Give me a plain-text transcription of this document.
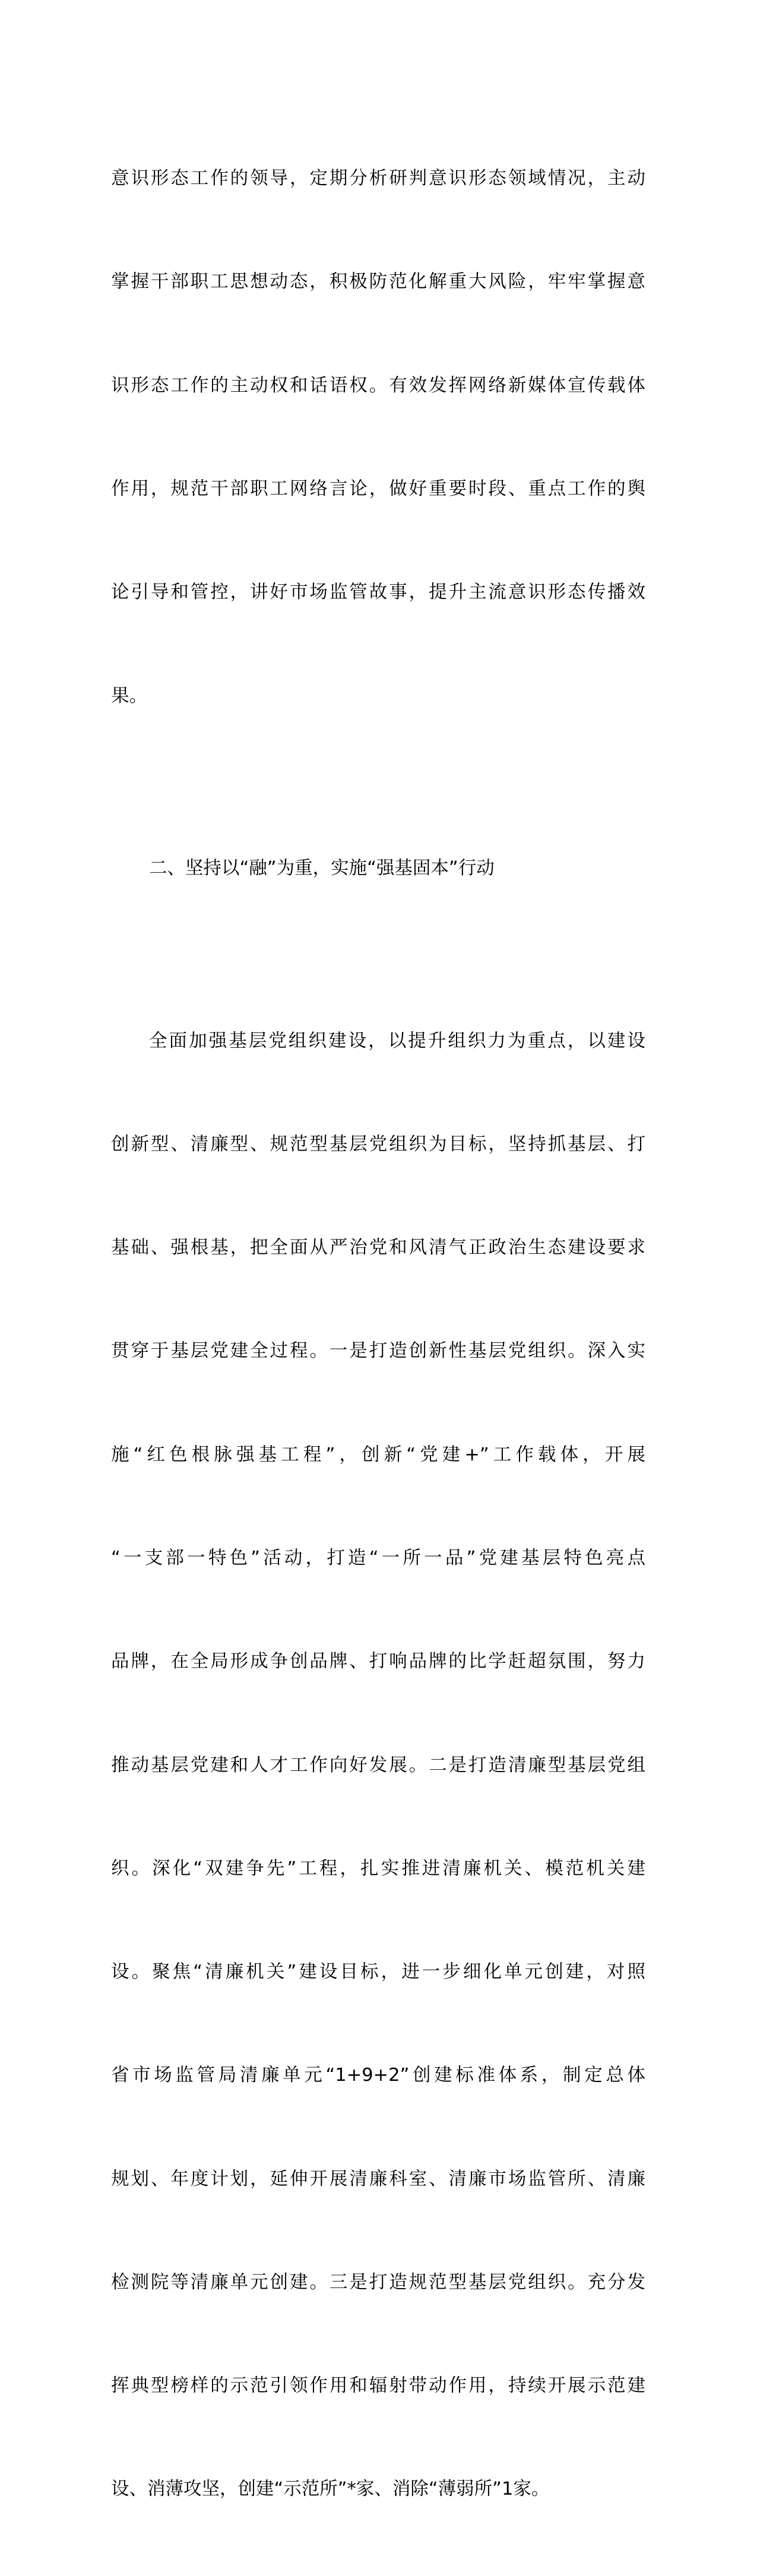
意识形态工作的领导，定期分析研判意识形态领域情况，主动

掌握干部职工思想动态，积极防范化解重大风险，牢牢掌握意

识形态工作的主动权和话语权。有效发挥网络新媒体宣传载体

作用，规范干部职工网络言论，做好重要时段、重点工作的舆

论引导和管控，讲好市场监管故事，提升主流意识形态传播效

果。

二、坚持以“融”为重，实施“强基固本”行动

全面加强基层党组织建设，以提升组织力为重点，以建设

创新型、清廉型、规范型基层党组织为目标，坚持抓基层、打

基础、强根基，把全面从严治党和风清气正政治生态建设要求

贯穿于基层党建全过程。一是打造创新性基层党组织。深入实

施“红色根脉强基工程”，创新“党建+”工作载体，开展

“一支部一特色”活动，打造“一所一品”党建基层特色亮点

品牌，在全局形成争创品牌、打响品牌的比学赶超氛围，努力

推动基层党建和人才工作向好发展。二是打造清廉型基层党组

织。深化“双建争先”工程，扎实推进清廉机关、模范机关建

设。聚焦“清廉机关”建设目标，进一步细化单元创建，对照

省市场监管局清廉单元“1+9+2”创建标准体系，制定总体

规划、年度计划，延伸开展清廉科室、清廉市场监管所、清廉

检测院等清廉单元创建。三是打造规范型基层党组织。充分发

挥典型榜样的示范引领作用和辐射带动作用，持续开展示范建

设、消薄攻坚，创建“示范所”*家、消除“薄弱所”1家。
